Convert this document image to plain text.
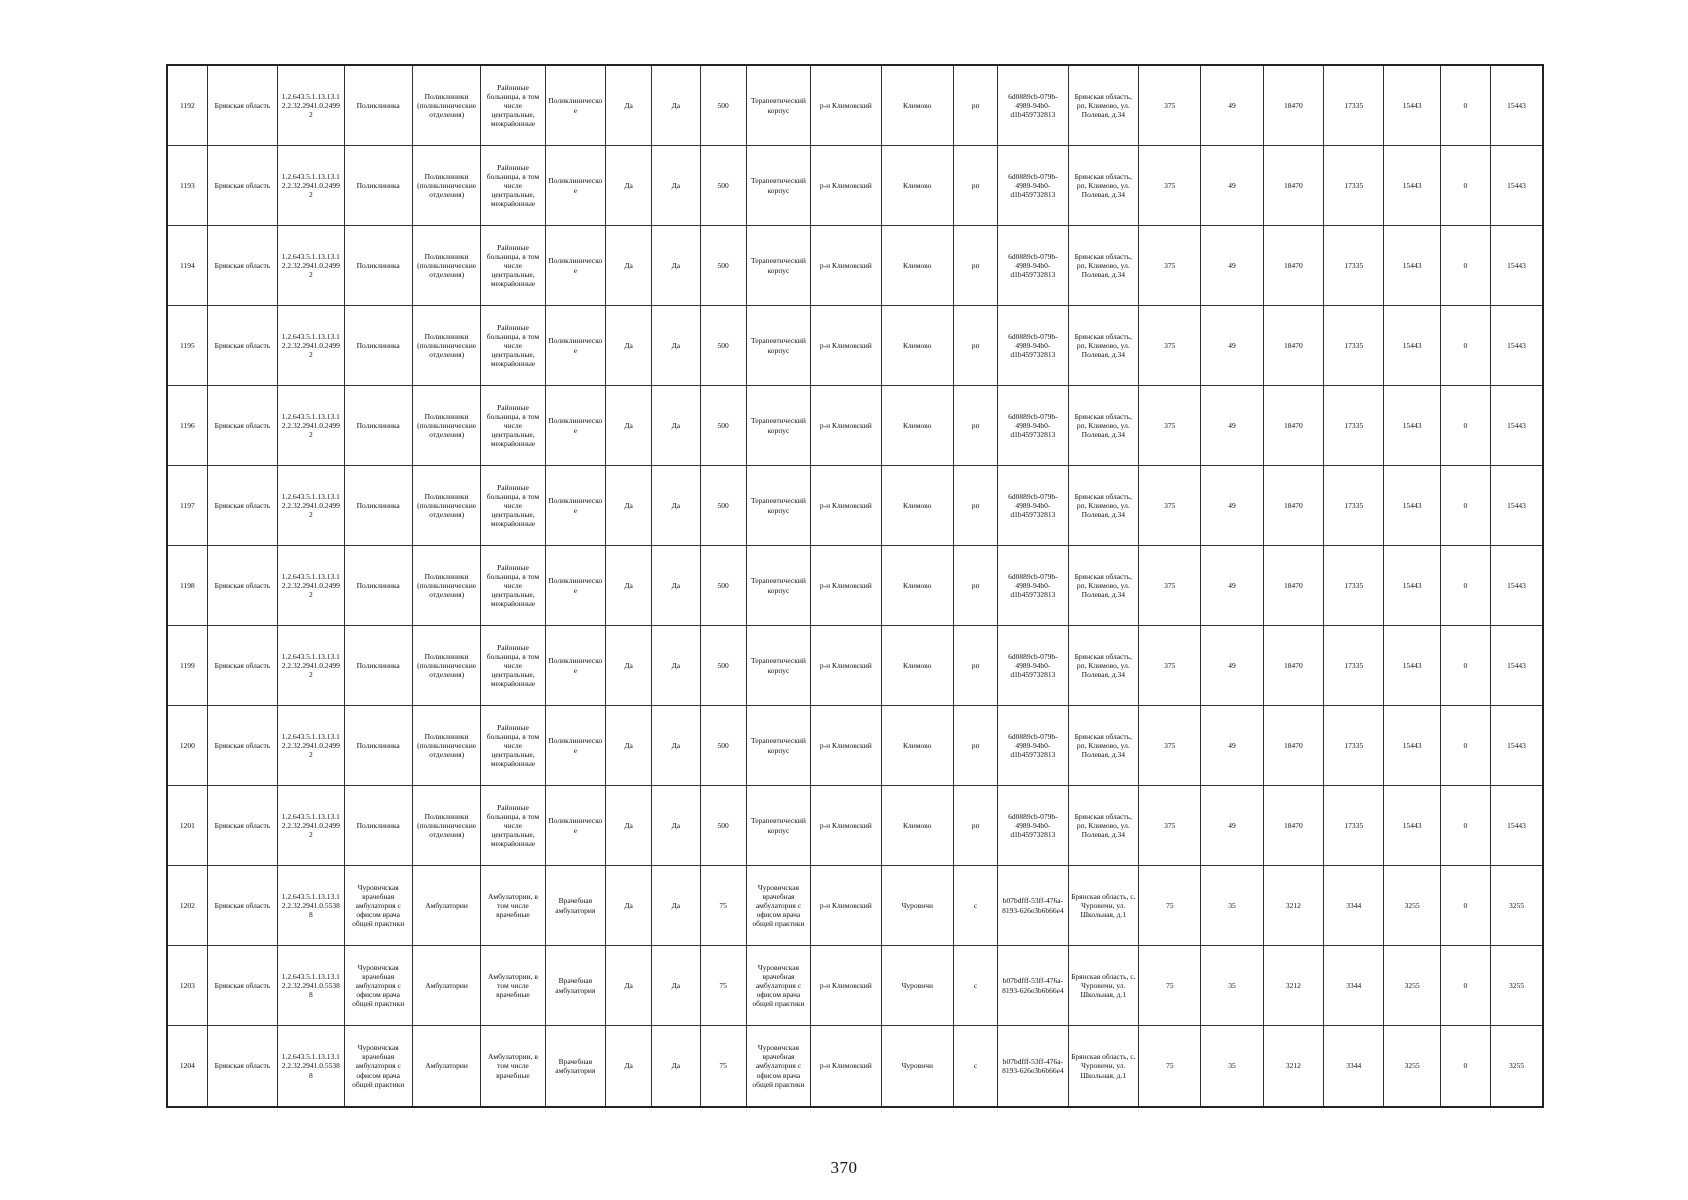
1192	Брянская область	1.2.643.5.1.13.13.12.2.32.2941.0.24992	Поликлиника	Поликлиники (поликлинические отделения)	Районные больницы, в том числе центральные, межрайонные	Поликлиническое	Да	Да	500	Терапевтический корпус	р-н Климовский	Климово	рп	6d0889cb-079b-4989-94b0-d1b459732813	Брянская область, рп, Климово, ул. Полевая, д.34	375	49	18470	17335	15443	0	15443
1193	Брянская область	1.2.643.5.1.13.13.12.2.32.2941.0.24992	Поликлиника	Поликлиники (поликлинические отделения)	Районные больницы, в том числе центральные, межрайонные	Поликлиническое	Да	Да	500	Терапевтический корпус	р-н Климовский	Климово	рп	6d0889cb-079b-4989-94b0-d1b459732813	Брянская область, рп, Климово, ул. Полевая, д.34	375	49	18470	17335	15443	0	15443
1194	Брянская область	1.2.643.5.1.13.13.12.2.32.2941.0.24992	Поликлиника	Поликлиники (поликлинические отделения)	Районные больницы, в том числе центральные, межрайонные	Поликлиническое	Да	Да	500	Терапевтический корпус	р-н Климовский	Климово	рп	6d0889cb-079b-4989-94b0-d1b459732813	Брянская область, рп, Климово, ул. Полевая, д.34	375	49	18470	17335	15443	0	15443
1195	Брянская область	1.2.643.5.1.13.13.12.2.32.2941.0.24992	Поликлиника	Поликлиники (поликлинические отделения)	Районные больницы, в том числе центральные, межрайонные	Поликлиническое	Да	Да	500	Терапевтический корпус	р-н Климовский	Климово	рп	6d0889cb-079b-4989-94b0-d1b459732813	Брянская область, рп, Климово, ул. Полевая, д.34	375	49	18470	17335	15443	0	15443
1196	Брянская область	1.2.643.5.1.13.13.12.2.32.2941.0.24992	Поликлиника	Поликлиники (поликлинические отделения)	Районные больницы, в том числе центральные, межрайонные	Поликлиническое	Да	Да	500	Терапевтический корпус	р-н Климовский	Климово	рп	6d0889cb-079b-4989-94b0-d1b459732813	Брянская область, рп, Климово, ул. Полевая, д.34	375	49	18470	17335	15443	0	15443
1197	Брянская область	1.2.643.5.1.13.13.12.2.32.2941.0.24992	Поликлиника	Поликлиники (поликлинические отделения)	Районные больницы, в том числе центральные, межрайонные	Поликлиническое	Да	Да	500	Терапевтический корпус	р-н Климовский	Климово	рп	6d0889cb-079b-4989-94b0-d1b459732813	Брянская область, рп, Климово, ул. Полевая, д.34	375	49	18470	17335	15443	0	15443
1198	Брянская область	1.2.643.5.1.13.13.12.2.32.2941.0.24992	Поликлиника	Поликлиники (поликлинические отделения)	Районные больницы, в том числе центральные, межрайонные	Поликлиническое	Да	Да	500	Терапевтический корпус	р-н Климовский	Климово	рп	6d0889cb-079b-4989-94b0-d1b459732813	Брянская область, рп, Климово, ул. Полевая, д.34	375	49	18470	17335	15443	0	15443
1199	Брянская область	1.2.643.5.1.13.13.12.2.32.2941.0.24992	Поликлиника	Поликлиники (поликлинические отделения)	Районные больницы, в том числе центральные, межрайонные	Поликлиническое	Да	Да	500	Терапевтический корпус	р-н Климовский	Климово	рп	6d0889cb-079b-4989-94b0-d1b459732813	Брянская область, рп, Климово, ул. Полевая, д.34	375	49	18470	17335	15443	0	15443
1200	Брянская область	1.2.643.5.1.13.13.12.2.32.2941.0.24992	Поликлиника	Поликлиники (поликлинические отделения)	Районные больницы, в том числе центральные, межрайонные	Поликлиническое	Да	Да	500	Терапевтический корпус	р-н Климовский	Климово	рп	6d0889cb-079b-4989-94b0-d1b459732813	Брянская область, рп, Климово, ул. Полевая, д.34	375	49	18470	17335	15443	0	15443
1201	Брянская область	1.2.643.5.1.13.13.12.2.32.2941.0.24992	Поликлиника	Поликлиники (поликлинические отделения)	Районные больницы, в том числе центральные, межрайонные	Поликлиническое	Да	Да	500	Терапевтический корпус	р-н Климовский	Климово	рп	6d0889cb-079b-4989-94b0-d1b459732813	Брянская область, рп, Климово, ул. Полевая, д.34	375	49	18470	17335	15443	0	15443
1202	Брянская область	1.2.643.5.1.13.13.12.2.32.2941.0.55388	Чуровичская врачебная амбулатория с офисом врача общей практики	Амбулатории	Амбулатории, в том числе врачебные	Врачебная амбулатория	Да	Да	75	Чуровичская врачебная амбулатория с офисом врача общей практики	р-н Климовский	Чуровичи	с	b07bdfff-53ff-476a-8193-626e3b6b66e4	Брянская область, с. Чуровичи, ул. Школьная, д.1	75	35	3212	3344	3255	0	3255
1203	Брянская область	1.2.643.5.1.13.13.12.2.32.2941.0.55388	Чуровичская врачебная амбулатория с офисом врача общей практики	Амбулатории	Амбулатории, в том числе врачебные	Врачебная амбулатория	Да	Да	75	Чуровичская врачебная амбулатория с офисом врача общей практики	р-н Климовский	Чуровичи	с	b07bdfff-53ff-476a-8193-626e3b6b66e4	Брянская область, с. Чуровичи, ул. Школьная, д.1	75	35	3212	3344	3255	0	3255
1204	Брянская область	1.2.643.5.1.13.13.12.2.32.2941.0.55388	Чуровичская врачебная амбулатория с офисом врача общей практики	Амбулатории	Амбулатории, в том числе врачебные	Врачебная амбулатория	Да	Да	75	Чуровичская врачебная амбулатория с офисом врача общей практики	р-н Климовский	Чуровичи	с	b07bdfff-53ff-476a-8193-626e3b6b66e4	Брянская область, с. Чуровичи, ул. Школьная, д.1	75	35	3212	3344	3255	0	3255
370
